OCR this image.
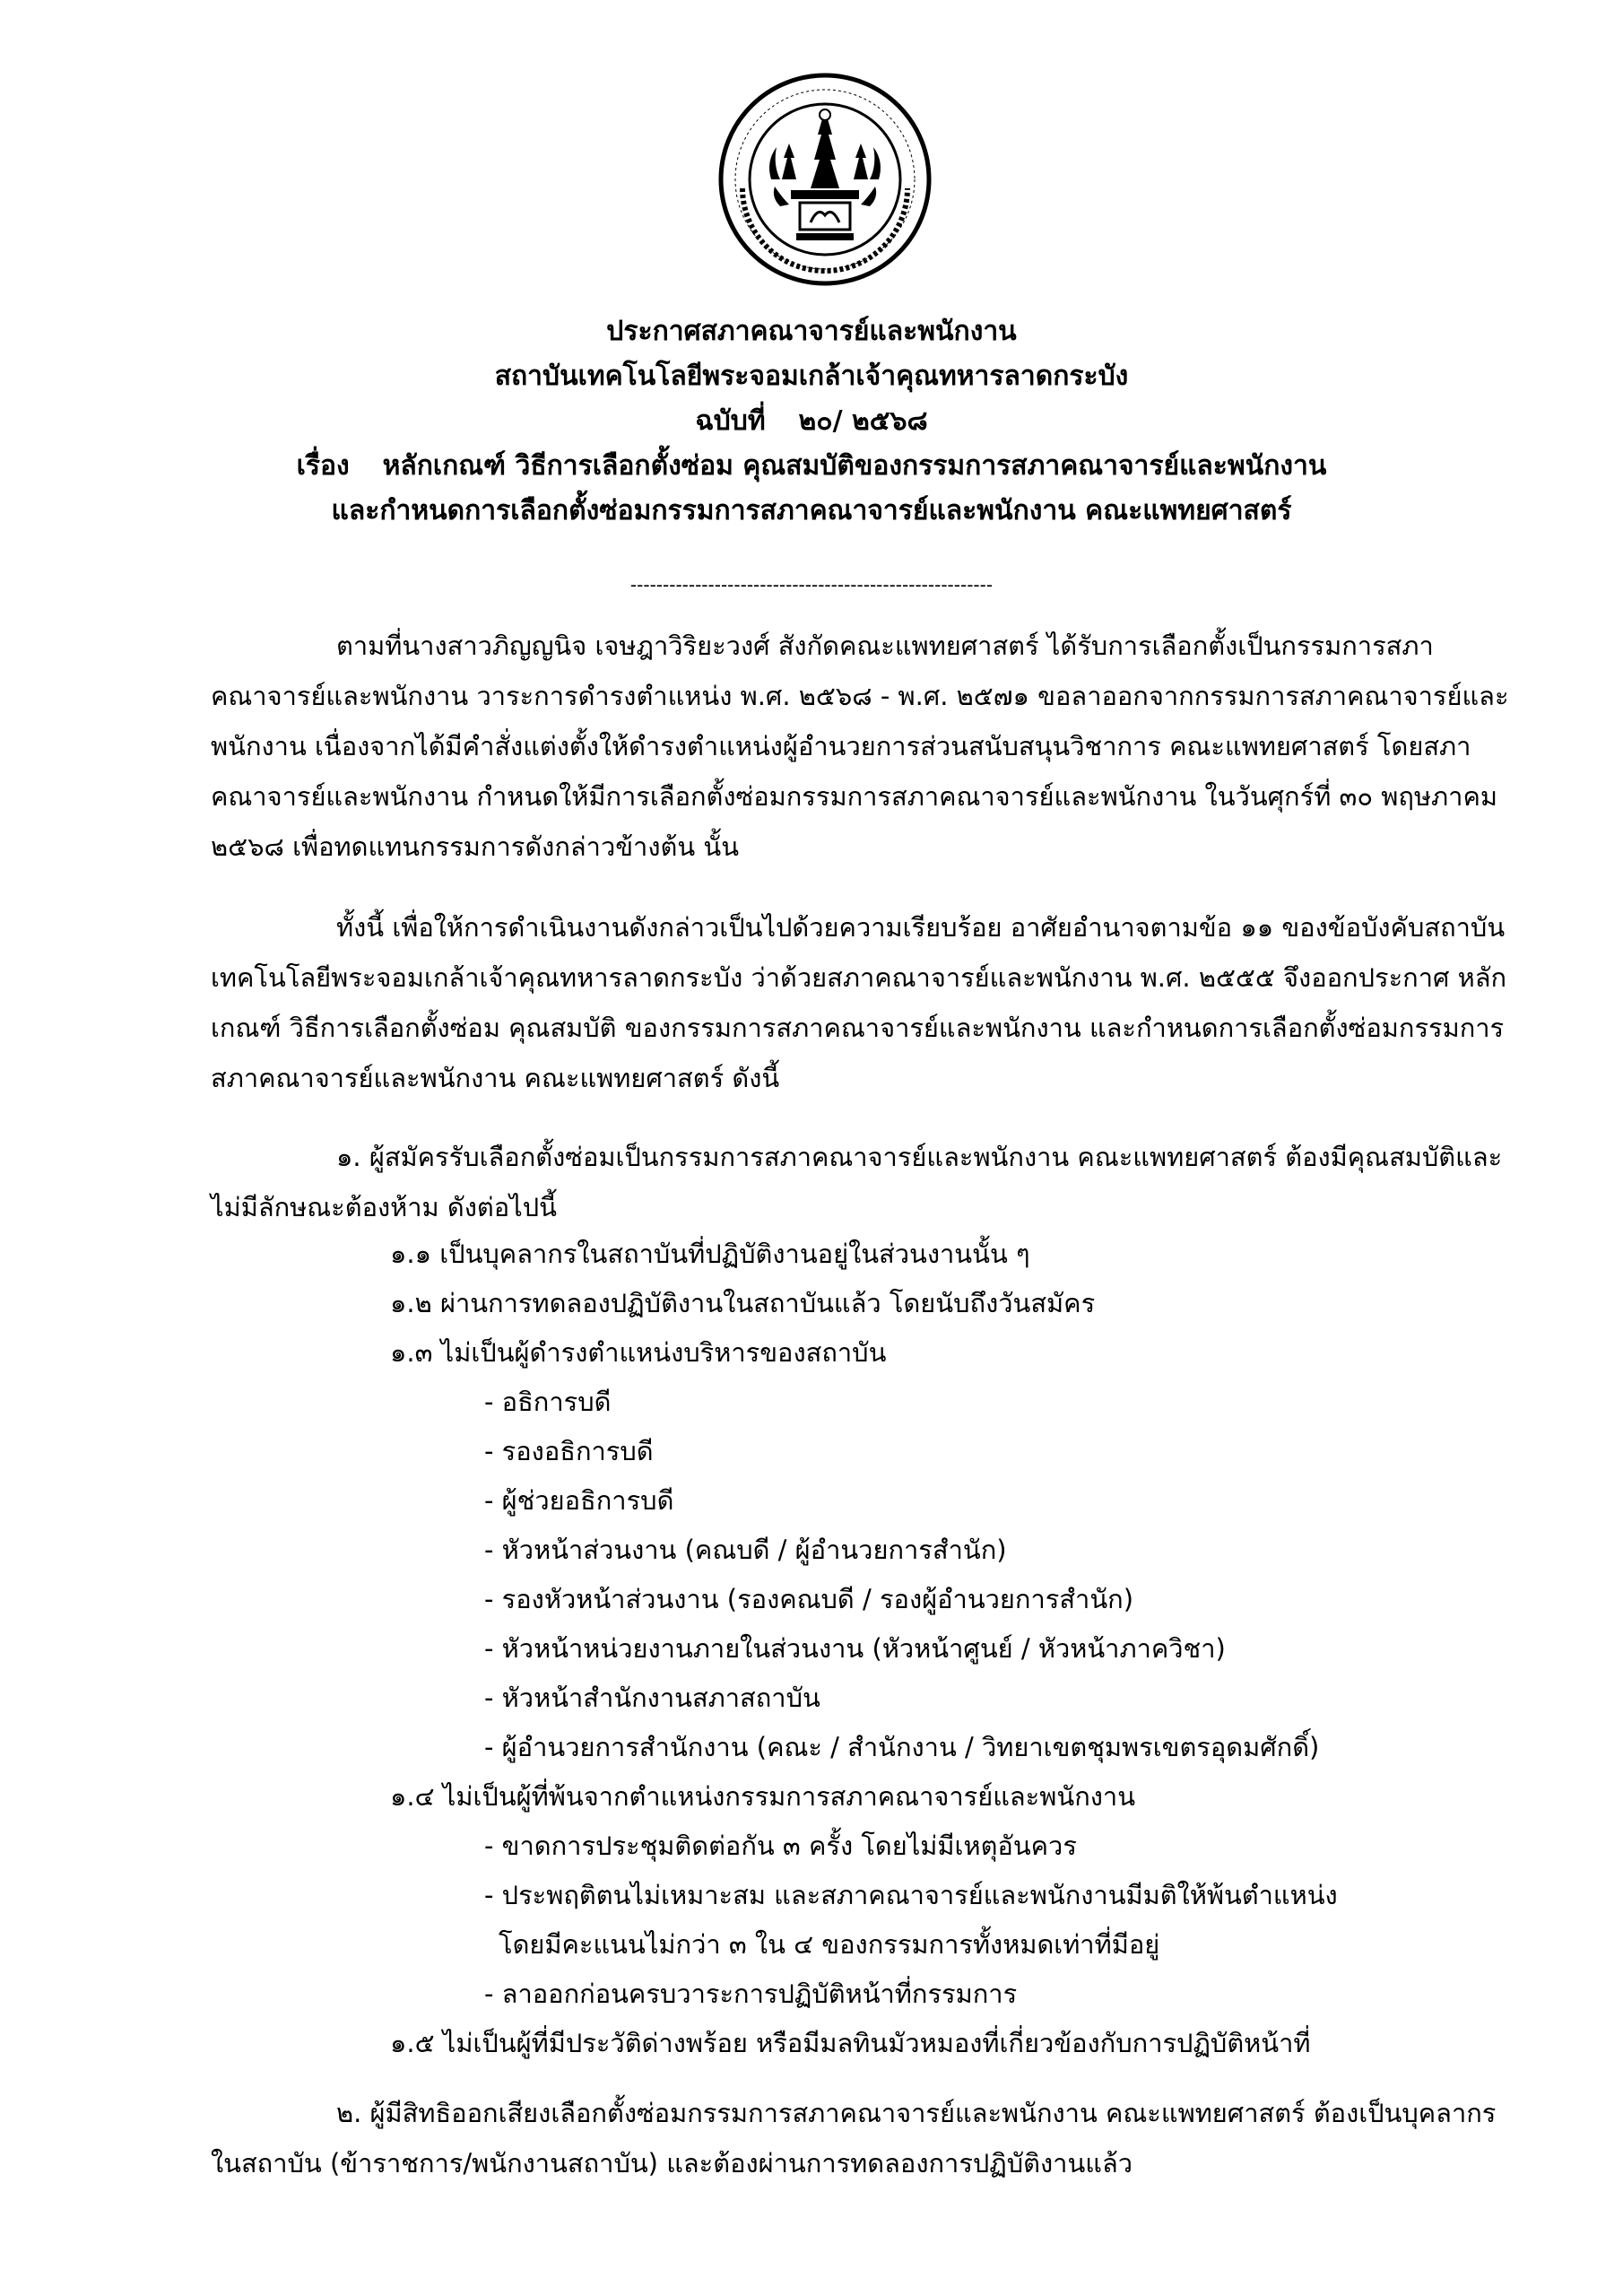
ประกาศสภาคณาจารย์และพนักงาน
สถาบันเทคโนโลยีพระจอมเกล้าเจ้าคุณทหารลาดกระบัง
ฉบับที่ ๒๐/ ๒๕๖๘
เรื่อง หลักเกณฑ์ วิธีการเลือกตั้งซ่อม คุณสมบัติของกรรมการสภาคณาจารย์และพนักงาน
และกำหนดการเลือกตั้งซ่อมกรรมการสภาคณาจารย์และพนักงาน คณะแพทยศาสตร์
--------------------------------------------------------
ตามที่นางสาวภิญญนิจ เจษฎาวิริยะวงศ์ สังกัดคณะแพทยศาสตร์ ได้รับการเลือกตั้งเป็นกรรมการสภาคณาจารย์และพนักงาน วาระการดำรงตำแหน่ง พ.ศ. ๒๕๖๘ - พ.ศ. ๒๕๗๑ ขอลาออกจากกรรมการสภาคณาจารย์และพนักงาน เนื่องจากได้มีคำสั่งแต่งตั้งให้ดำรงตำแหน่งผู้อำนวยการส่วนสนับสนุนวิชาการ คณะแพทยศาสตร์ โดยสภาคณาจารย์และพนักงาน กำหนดให้มีการเลือกตั้งซ่อมกรรมการสภาคณาจารย์และพนักงาน ในวันศุกร์ที่ ๓๐ พฤษภาคม ๒๕๖๘ เพื่อทดแทนกรรมการดังกล่าวข้างต้น นั้น
ทั้งนี้ เพื่อให้การดำเนินงานดังกล่าวเป็นไปด้วยความเรียบร้อย อาศัยอำนาจตามข้อ ๑๑ ของข้อบังคับสถาบันเทคโนโลยีพระจอมเกล้าเจ้าคุณทหารลาดกระบัง ว่าด้วยสภาคณาจารย์และพนักงาน พ.ศ. ๒๕๕๕ จึงออกประกาศ หลักเกณฑ์ วิธีการเลือกตั้งซ่อม คุณสมบัติ ของกรรมการสภาคณาจารย์และพนักงาน และกำหนดการเลือกตั้งซ่อมกรรมการสภาคณาจารย์และพนักงาน คณะแพทยศาสตร์ ดังนี้
๑. ผู้สมัครรับเลือกตั้งซ่อมเป็นกรรมการสภาคณาจารย์และพนักงาน คณะแพทยศาสตร์ ต้องมีคุณสมบัติและไม่มีลักษณะต้องห้าม ดังต่อไปนี้
๑.๑ เป็นบุคลากรในสถาบันที่ปฏิบัติงานอยู่ในส่วนงานนั้น ๆ
๑.๒ ผ่านการทดลองปฏิบัติงานในสถาบันแล้ว โดยนับถึงวันสมัคร
๑.๓ ไม่เป็นผู้ดำรงตำแหน่งบริหารของสถาบัน
- อธิการบดี
- รองอธิการบดี
- ผู้ช่วยอธิการบดี
- หัวหน้าส่วนงาน (คณบดี / ผู้อำนวยการสำนัก)
- รองหัวหน้าส่วนงาน (รองคณบดี / รองผู้อำนวยการสำนัก)
- หัวหน้าหน่วยงานภายในส่วนงาน (หัวหน้าศูนย์ / หัวหน้าภาควิชา)
- หัวหน้าสำนักงานสภาสถาบัน
- ผู้อำนวยการสำนักงาน (คณะ / สำนักงาน / วิทยาเขตชุมพรเขตรอุดมศักดิ์)
๑.๔ ไม่เป็นผู้ที่พ้นจากตำแหน่งกรรมการสภาคณาจารย์และพนักงาน
- ขาดการประชุมติดต่อกัน ๓ ครั้ง โดยไม่มีเหตุอันควร
- ประพฤติตนไม่เหมาะสม และสภาคณาจารย์และพนักงานมีมติให้พ้นตำแหน่ง
โดยมีคะแนนไม่กว่า ๓ ใน ๔ ของกรรมการทั้งหมดเท่าที่มีอยู่
- ลาออกก่อนครบวาระการปฏิบัติหน้าที่กรรมการ
๑.๕ ไม่เป็นผู้ที่มีประวัติด่างพร้อย หรือมีมลทินมัวหมองที่เกี่ยวข้องกับการปฏิบัติหน้าที่
๒. ผู้มีสิทธิออกเสียงเลือกตั้งซ่อมกรรมการสภาคณาจารย์และพนักงาน คณะแพทยศาสตร์ ต้องเป็นบุคลากรในสถาบัน (ข้าราชการ/พนักงานสถาบัน) และต้องผ่านการทดลองการปฏิบัติงานแล้ว
